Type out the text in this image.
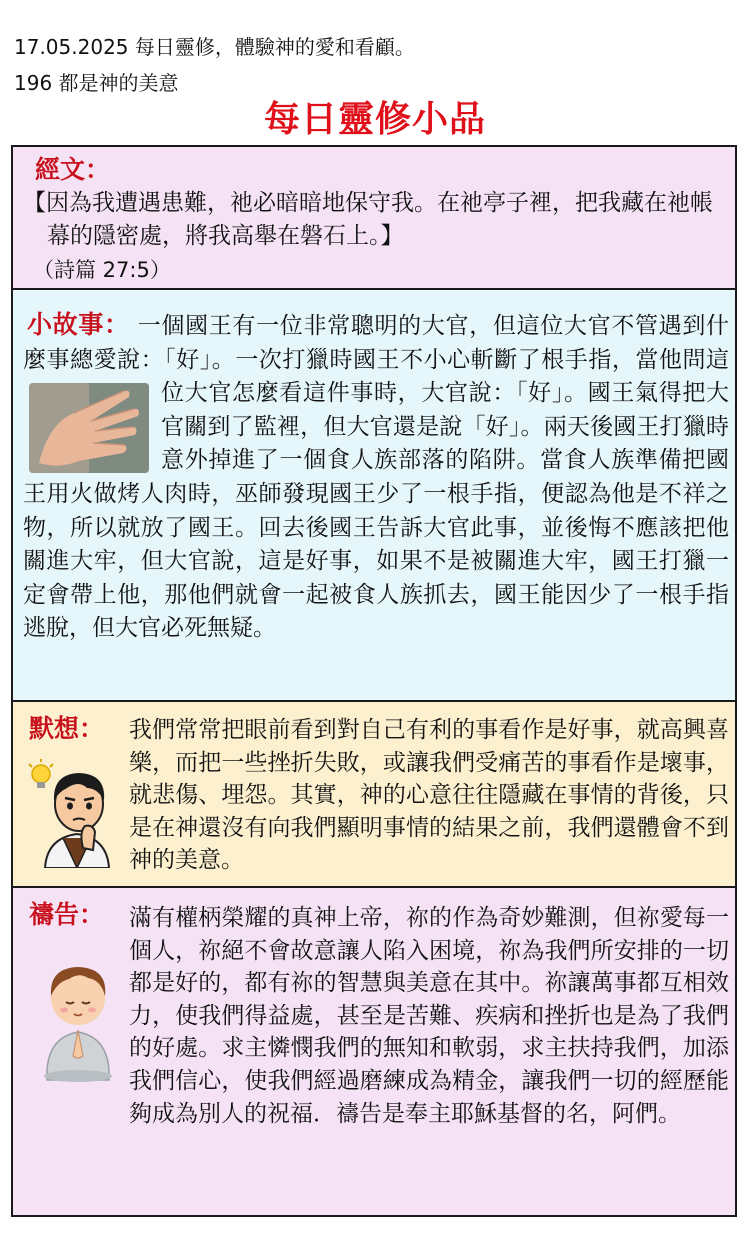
17.05.2025 每日靈修，體驗神的愛和看顧。
196 都是神的美意
每日靈修小品
經文：
【因為我遭遇患難，祂必暗暗地保守我。在祂亭子裡，把我藏在祂帳幕的隱密處，將我高舉在磐石上。】
（詩篇 27:5）
小故事： 一個國王有一位非常聰明的大官，但這位大官不管遇到什麼事總愛說：「好」。一次打獵時國王不小心斬斷了根手指，當他問這位大官怎麼看這件事時，大官
說：「好」。國王氣得把大官關到了監裡，但大官還是說「好」。兩天後國王打獵時意外掉進了一個食人族部落的陷阱。當食人族準備把國王用火做烤人肉時，巫師發現國王少了一根手指，便認為他是不祥之物，所以就放了國王。回去後國王告訴大官此事，並後悔不應該把他關進大牢，但大官說，這是好事，如果不是被關進大牢，國王打獵一定會帶上他，那他們就會一起被食人族抓去，國王能因少了一根手指逃脫，但大官必死無疑。
默想： 我們常常把眼前看到對自己有利的事看作是好事，就高興喜樂，而把一些挫折失敗，或讓我們受痛苦的事看作是壞事，就悲傷、埋怨。其實，神的心意往往隱藏在事情的背後，只是在神還沒有向我們顯明事情的結果之前，我們還體會不到神的美意。
禱告： 滿有權柄榮耀的真神上帝，祢的作為奇妙難測，但祢愛每一個人，祢絕不會故意讓人陷入困境，祢為我們所安排的一切都是好的，都有祢的智慧與美意在其中。祢讓萬事都互相效力，使我們得益處，甚至是苦難、疾病和挫折也是為了我們的好處。求主憐憫我們的無知和軟弱，求主扶持我們，加添我們信心，使我們經過磨練成為精金，讓我們一切的經歷能夠成為別人的祝福．禱告是奉主耶穌基督的名，阿們。
